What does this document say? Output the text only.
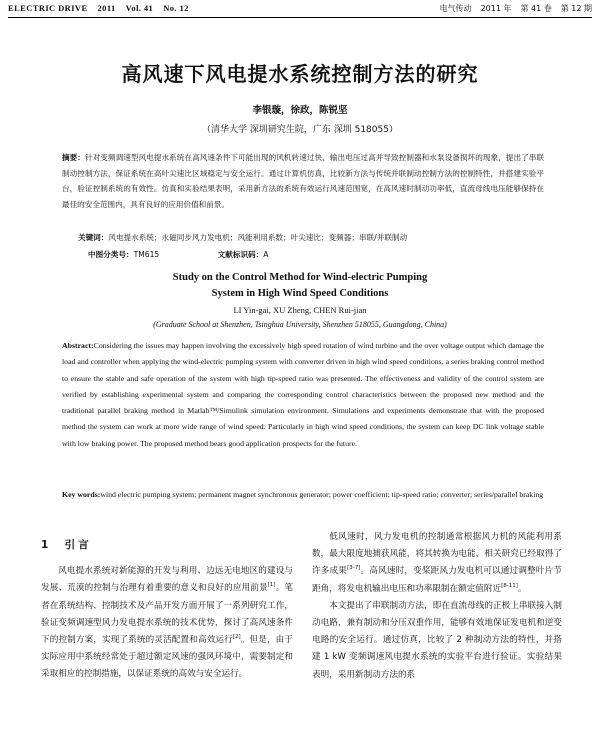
ELECTRIC DRIVE 2011 Vol. 41 No. 12	电气传动 2011 年 第 41 卷 第 12 期
高风速下风电提水系统控制方法的研究
李银璇，徐政，陈锐坚
（清华大学 深圳研究生院，广东 深圳 518055）
摘要：针对变频调速型风电提水系统在高风速条件下可能出现的风机转速过快、输出电压过高并导致控制器和水泵设备损坏的现象，提出了串联制动控制方法，保证系统在高叶尖速比区域稳定与安全运行。通过计算机仿真，比较新方法与传统并联制动控制方法的控制特性，并搭建实验平台，验证控制系统的有效性。仿真和实验结果表明，采用新方法的系统有效运行风速范围宽，在高风速时制动功率低，直流母线电压能够保持在最佳的安全范围内，具有良好的应用价值和前景。
关键词：风电提水系统；永磁同步风力发电机；风能利用系数；叶尖速比；变频器；串联/并联制动
中图分类号：TM615	文献标识码：A
Study on the Control Method for Wind-electric Pumping
System in High Wind Speed Conditions
LI Yin-gai, XU Zheng, CHEN Rui-jian
(Graduate School at Shenzhen, Tsinghua University, Shenzhen 518055, Guangdong, China)
Abstract:Considering the issues may happen involving the excessively high speed rotation of wind turbine and the over voltage output which damage the load and controller when applying the wind-electric pumping system with converter driven in high wind speed conditions, a series braking control method to ensure the stable and safe operation of the system with high tip-speed ratio was presented. The effectiveness and validity of the control system are verified by establishing experimental system and comparing the corresponding control characteristics between the proposed new method and the traditional parallel braking method in Matlab™/Simulink simulation environment. Simulations and experiments demonstrate that with the proposed method the system can work at more wide range of wind speed. Particularly in high wind speed conditions, the system can keep DC link voltage stable with low braking power. The proposed method bears good application prospects for the future.
Key words:wind electric pumping system; permanent magnet synchronous generator; power coefficient; tip-speed ratio; converter; series/parallel braking
1 引言
风电提水系统对新能源的开发与利用、边远无电地区的建设与发展、荒漠的控制与治理有着重要的意义和良好的应用前景[1]。笔者在系统结构、控制技术及产品开发方面开展了一系列研究工作，验证变频调速型风力发电提水系统的技术优势，探讨了高风速条件下的控制方案，实现了系统的灵活配置和高效运行[2]。但是，由于实际应用中系统经常处于超过额定风速的强风环境中，需要制定和采取相应的控制措施，以保证系统的高效与安全运行。
低风速时，风力发电机的控制通常根据风力机的风能利用系数，最大限度地捕获风能，将其转换为电能，相关研究已经取得了许多成果[3-7]。高风速时，变桨距风力发电机可以通过调整叶片节距角，将发电机输出电压和功率限制在额定值附近[8-11]。
本文提出了串联制动方法，即在直流母线的正极上串联接入制动电路，兼有制动和分压双重作用，能够有效地保证发电机和逆变电路的安全运行。通过仿真，比较了 2 种制动方法的特性，并搭建 1 kW 变频调速风电提水系统的实验平台进行验证。实验结果表明，采用新制动方法的系
